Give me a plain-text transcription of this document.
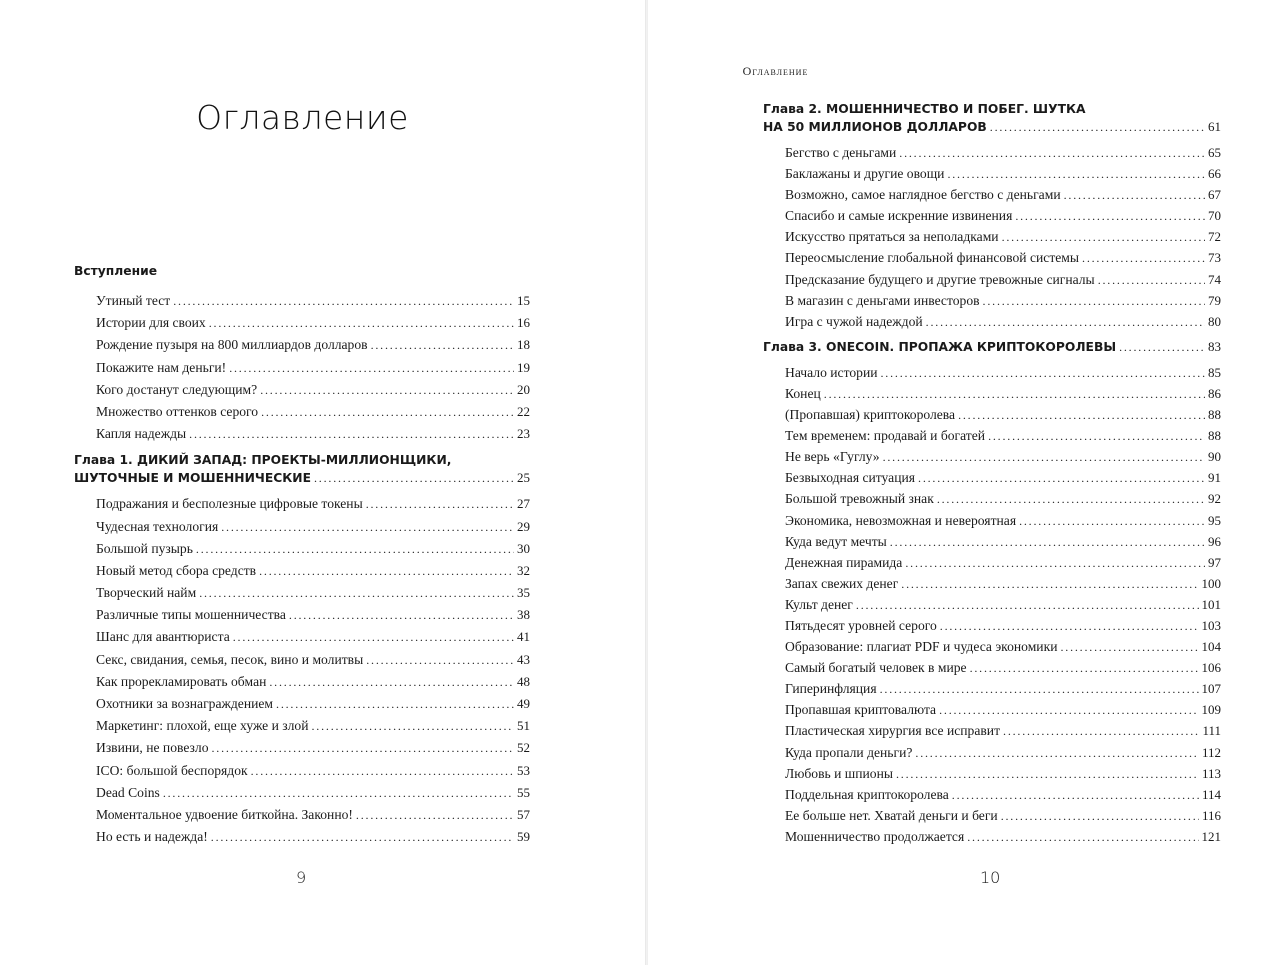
Оглавление
Вступление
Утиный тест . . .	15
Истории для своих . . .	16
Рождение пузыря на 800 миллиардов долларов . . .	18
Покажите нам деньги! . . .	19
Кого достанут следующим? . . .	20
Множество оттенков серого . . .	22
Капля надежды . . .	23
Глава 1. ДИКИЙ ЗАПАД: ПРОЕКТЫ-МИЛЛИОНЩИКИ,
ШУТОЧНЫЕ И МОШЕННИЧЕСКИЕ . . .	25
Подражания и бесполезные цифровые токены . . .	27
Чудесная технология . . .	29
Большой пузырь . . .	30
Новый метод сбора средств . . .	32
Творческий найм . . .	35
Различные типы мошенничества . . .	38
Шанс для авантюриста . . .	41
Секс, свидания, семья, песок, вино и молитвы . . .	43
Как прорекламировать обман . . .	48
Охотники за вознаграждением . . .	49
Маркетинг: плохой, еще хуже и злой . . .	51
Извини, не повезло . . .	52
ICO: большой беспорядок . . .	53
Dead Coins . . .	55
Моментальное удвоение биткойна. Законно! . . .	57
Но есть и надежда! . . .	59
9
Оглавление
Глава 2. МОШЕННИЧЕСТВО И ПОБЕГ. ШУТКА
НА 50 МИЛЛИОНОВ ДОЛЛАРОВ . . .	61
Бегство с деньгами . . .	65
Баклажаны и другие овощи . . .	66
Возможно, самое наглядное бегство с деньгами . . .	67
Спасибо и самые искренние извинения . . .	70
Искусство прятаться за неполадками . . .	72
Переосмысление глобальной финансовой системы . . .	73
Предсказание будущего и другие тревожные сигналы . . .	74
В магазин с деньгами инвесторов . . .	79
Игра с чужой надеждой . . .	80
Глава 3. ONECOIN. ПРОПАЖА КРИПТОКОРОЛЕВЫ . . .	83
Начало истории . . .	85
Конец . . .	86
(Пропавшая) криптокоролева . . .	88
Тем временем: продавай и богатей . . .	88
Не верь «Гуглу» . . .	90
Безвыходная ситуация . . .	91
Большой тревожный знак . . .	92
Экономика, невозможная и невероятная . . .	95
Куда ведут мечты . . .	96
Денежная пирамида . . .	97
Запах свежих денег . . .	100
Культ денег . . .	101
Пятьдесят уровней серого . . .	103
Образование: плагиат PDF и чудеса экономики . . .	104
Самый богатый человек в мире . . .	106
Гиперинфляция . . .	107
Пропавшая криптовалюта . . .	109
Пластическая хирургия все исправит . . .	111
Куда пропали деньги? . . .	112
Любовь и шпионы . . .	113
Поддельная криптокоролева . . .	114
Ее больше нет. Хватай деньги и беги . . .	116
Мошенничество продолжается . . .	121
10
